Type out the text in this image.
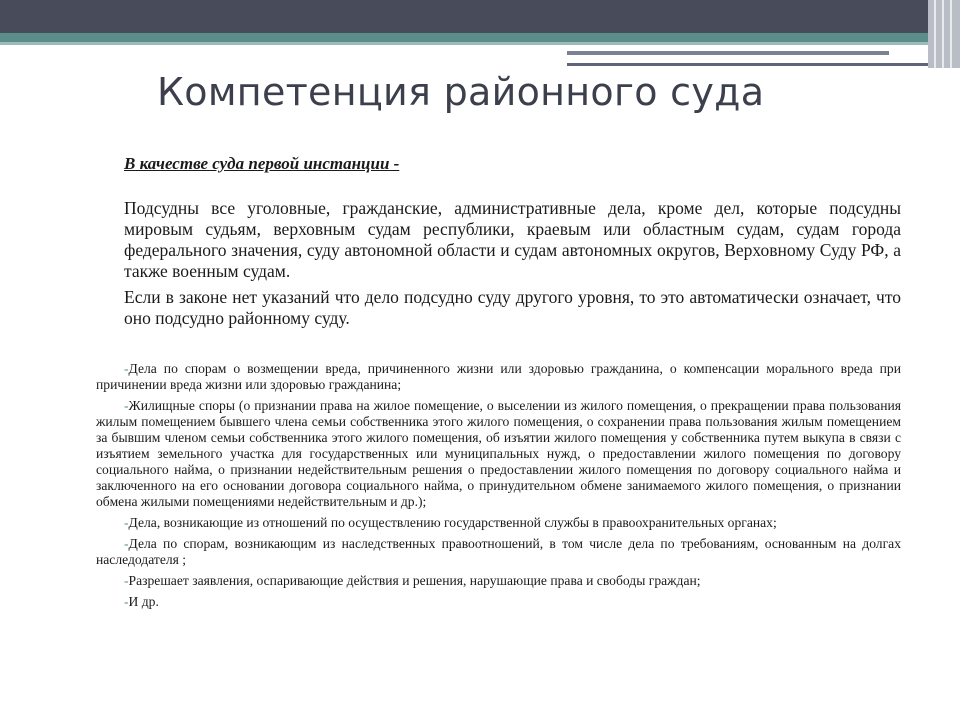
Компетенция районного суда

В качестве суда первой инстанции -

Подсудны все уголовные, гражданские, административные дела, кроме дел, которые подсудны мировым судьям, верховным судам республики, краевым или областным судам, судам города федерального значения, суду автономной области и судам автономных округов, Верховному Суду РФ, а также военным судам.

Если в законе нет указаний что дело подсудно суду другого уровня, то это автоматически означает, что оно подсудно районному суду.

-Дела по спорам о возмещении вреда, причиненного жизни или здоровью гражданина, о компенсации морального вреда при причинении вреда жизни или здоровью гражданина;

-Жилищные споры (о признании права на жилое помещение, о выселении из жилого помещения, о прекращении права пользования жилым помещением бывшего члена семьи собственника этого жилого помещения, о сохранении права пользования жилым помещением за бывшим членом семьи собственника этого жилого помещения, об изъятии жилого помещения у собственника путем выкупа в связи с изъятием земельного участка для государственных или муниципальных нужд, о предоставлении жилого помещения по договору социального найма, о признании недействительным решения о предоставлении жилого помещения по договору социального найма и заключенного на его основании договора социального найма, о принудительном обмене занимаемого жилого помещения, о признании обмена жилыми помещениями недействительным и др.);

-Дела, возникающие из отношений по осуществлению государственной службы в правоохранительных органах;

-Дела по спорам, возникающим из наследственных правоотношений, в том числе дела по требованиям, основанным на долгах наследодателя ;

-Разрешает заявления, оспаривающие действия и решения, нарушающие права и свободы граждан;

-И др.
